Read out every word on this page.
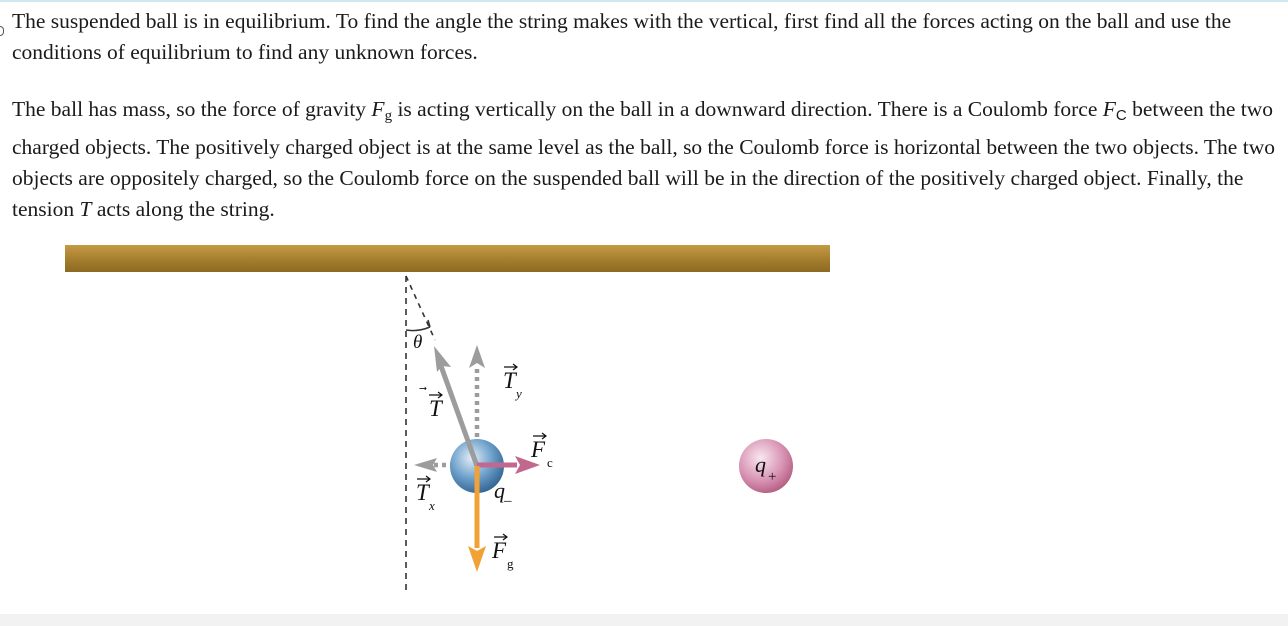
The suspended ball is in equilibrium. To find the angle the string makes with the vertical, first find all the forces acting on the ball and use the conditions of equilibrium to find any unknown forces.

The ball has mass, so the force of gravity $F_g$ is acting vertically on the ball in a downward direction. There is a Coulomb force FC between the two charged objects. The positively charged object is at the same level as the ball, so the Coulomb force is horizontal between the two objects. The two objects are oppositely charged, so the Coulomb force on the suspended ball will be in the direction of the positively charged object. Finally, the tension T acts along the string.

θ
T
T
y
T
x
F
c
F
g
q –
q +
